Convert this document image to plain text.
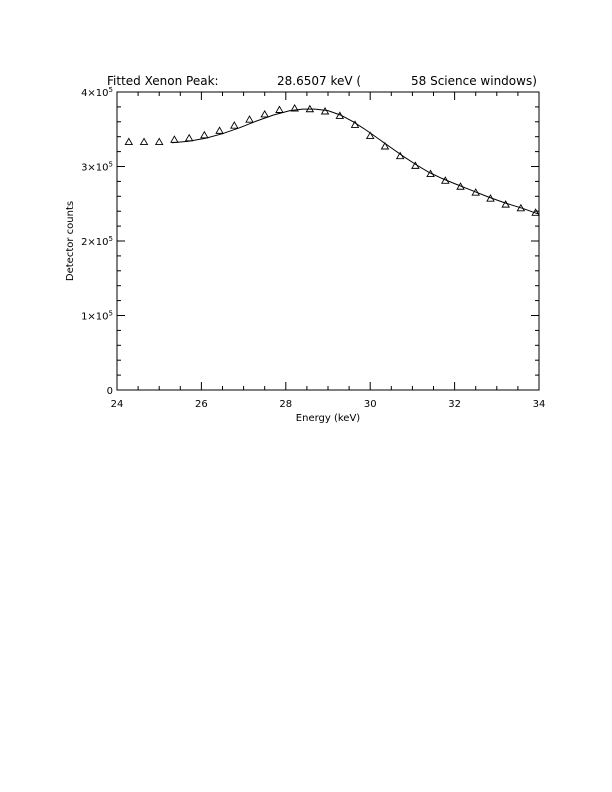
Fitted Xenon Peak:	28.6507 keV (	58 Science windows)
24	26	28	30	32	34
0
$1\times 10^5$
$2\times 10^5$
$3\times 10^5$
$4\times 10^5$
Energy (keV)
Detector counts
